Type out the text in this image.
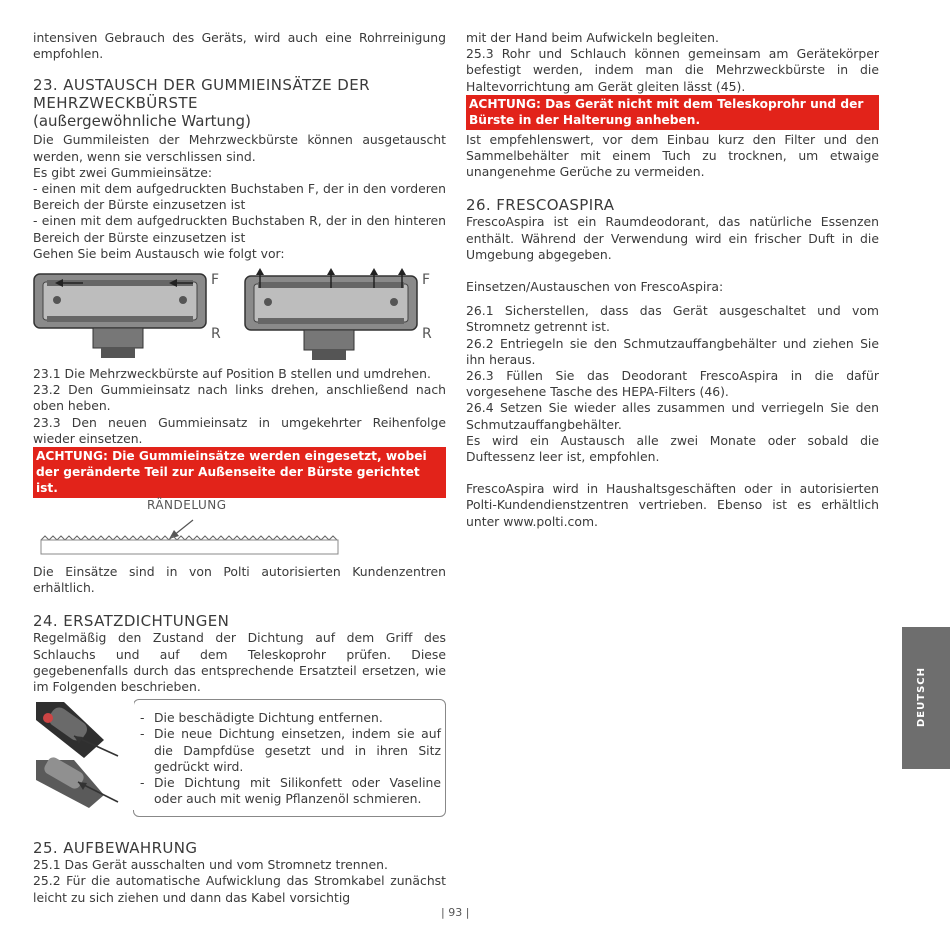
intensiven Gebrauch des Geräts, wird auch eine Rohrreinigung empfohlen.

23. AUSTAUSCH DER GUMMIEINSÄTZE DER MEHRZWECKBÜRSTE
(außergewöhnliche Wartung)

Die Gummileisten der Mehrzweckbürste können ausgetauscht werden, wenn sie verschlissen sind.

Es gibt zwei Gummieinsätze:

- einen mit dem aufgedruckten Buchstaben F, der in den vorderen Bereich der Bürste einzusetzen ist

- einen mit dem aufgedruckten Buchstaben R, der in den hinteren Bereich der Bürste einzusetzen ist

Gehen Sie beim Austausch wie folgt vor:

F
R
F
R

23.1 Die Mehrzweckbürste auf Position B stellen und umdrehen.

23.2 Den Gummieinsatz nach links drehen, anschließend nach oben heben.

23.3 Den neuen Gummieinsatz in umgekehrter Reihenfolge wieder einsetzen.

ACHTUNG: Die Gummieinsätze werden eingesetzt, wobei der geränderte Teil zur Außenseite der Bürste gerichtet ist.
RÄNDELUNG

Die Einsätze sind in von Polti autorisierten Kundenzentren erhältlich.

24. ERSATZDICHTUNGEN

Regelmäßig den Zustand der Dichtung auf dem Griff des Schlauchs und auf dem Teleskoprohr prüfen. Diese gegebenenfalls durch das entsprechende Ersatzteil ersetzen, wie im Folgenden beschrieben.

- Die beschädigte Dichtung entfernen.
- Die neue Dichtung einsetzen, indem sie auf die Dampfdüse gesetzt und in ihren Sitz gedrückt wird.
- Die Dichtung mit Silikonfett oder Vaseline oder auch mit wenig Pflanzenöl schmieren.
25. AUFBEWAHRUNG

25.1 Das Gerät ausschalten und vom Stromnetz trennen.

25.2 Für die automatische Aufwicklung das Stromkabel zunächst leicht zu sich ziehen und dann das Kabel vorsichtig

mit der Hand beim Aufwickeln begleiten.

25.3 Rohr und Schlauch können gemeinsam am Gerätekörper befestigt werden, indem man die Mehrzweckbürste in die Haltevorrichtung am Gerät gleiten lässt (45).

ACHTUNG: Das Gerät nicht mit dem Teleskoprohr und der Bürste in der Halterung anheben.

Ist empfehlenswert, vor dem Einbau kurz den Filter und den Sammelbehälter mit einem Tuch zu trocknen, um etwaige unangenehme Gerüche zu vermeiden.

26. FRESCOASPIRA

FrescoAspira ist ein Raumdeodorant, das natürliche Essenzen enthält. Während der Verwendung wird ein frischer Duft in die Umgebung abgegeben.

Einsetzen/Austauschen von FrescoAspira:

26.1 Sicherstellen, dass das Gerät ausgeschaltet und vom Stromnetz getrennt ist.

26.2 Entriegeln sie den Schmutzauffangbehälter und ziehen Sie ihn heraus.

26.3 Füllen Sie das Deodorant FrescoAspira in die dafür vorgesehene Tasche des HEPA-Filters (46).

26.4 Setzen Sie wieder alles zusammen und verriegeln Sie den Schmutzauffangbehälter.

Es wird ein Austausch alle zwei Monate oder sobald die Duftessenz leer ist, empfohlen.

FrescoAspira wird in Haushaltsgeschäften oder in autorisierten Polti-Kundendienstzentren vertrieben. Ebenso ist es erhältlich unter www.polti.com.

DEUTSCH
| 93 |
